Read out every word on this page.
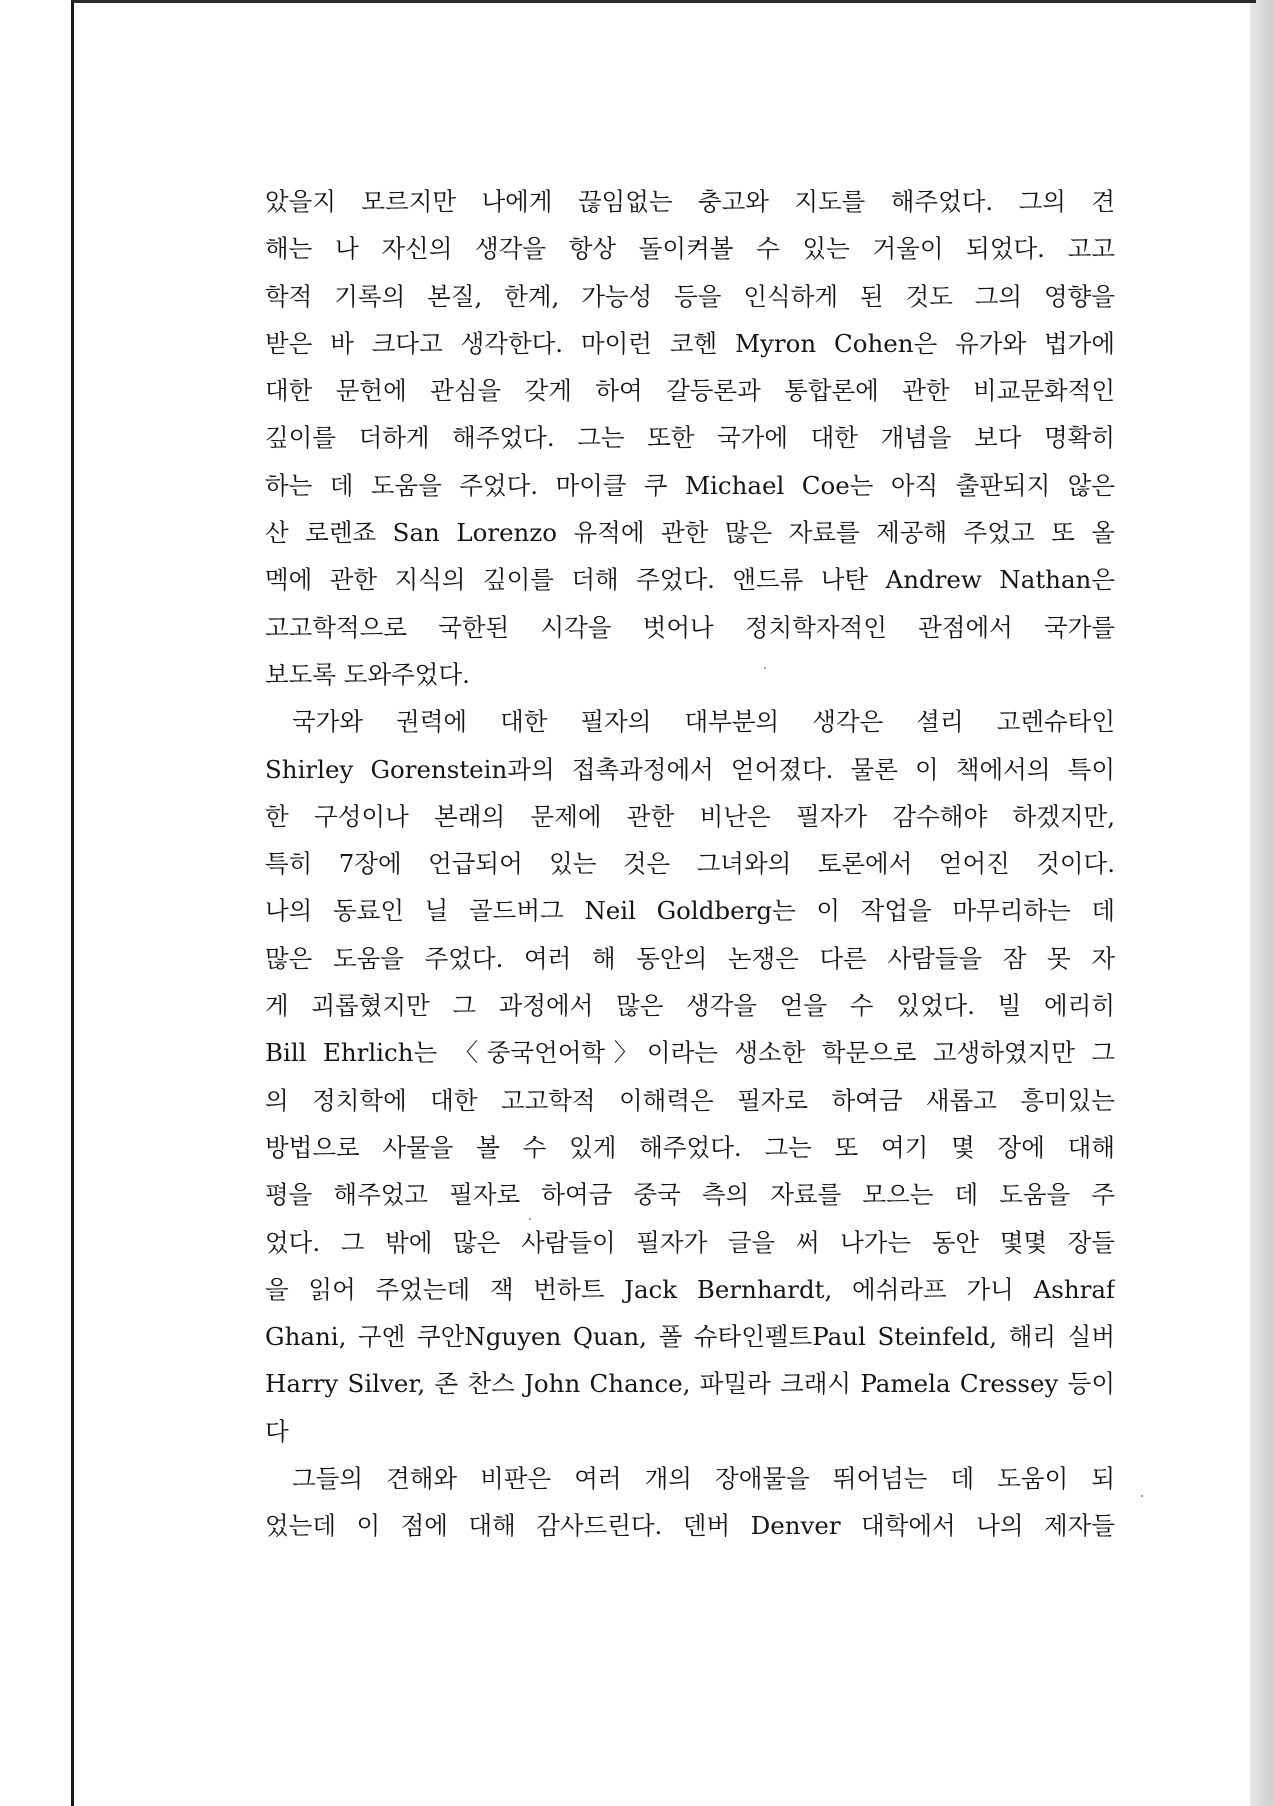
았을지 모르지만 나에게 끊임없는 충고와 지도를 해주었다. 그의 견
해는 나 자신의 생각을 항상 돌이켜볼 수 있는 거울이 되었다. 고고
학적 기록의 본질, 한계, 가능성 등을 인식하게 된 것도 그의 영향을
받은 바 크다고 생각한다. 마이런 코헨 Myron Cohen은 유가와 법가에
대한 문헌에 관심을 갖게 하여 갈등론과 통합론에 관한 비교문화적인
깊이를 더하게 해주었다. 그는 또한 국가에 대한 개념을 보다 명확히
하는 데 도움을 주었다. 마이클 쿠 Michael Coe는 아직 출판되지 않은
산 로렌죠 San Lorenzo 유적에 관한 많은 자료를 제공해 주었고 또 올
멕에 관한 지식의 깊이를 더해 주었다. 앤드류 나탄 Andrew Nathan은
고고학적으로 국한된 시각을 벗어나 정치학자적인 관점에서 국가를
보도록 도와주었다.
국가와 권력에 대한 필자의 대부분의 생각은 셜리 고렌슈타인
Shirley Gorenstein과의 접촉과정에서 얻어졌다. 물론 이 책에서의 특이
한 구성이나 본래의 문제에 관한 비난은 필자가 감수해야 하겠지만,
특히 7장에 언급되어 있는 것은 그녀와의 토론에서 얻어진 것이다.
나의 동료인 닐 골드버그 Neil Goldberg는 이 작업을 마무리하는 데
많은 도움을 주었다. 여러 해 동안의 논쟁은 다른 사람들을 잠 못 자
게 괴롭혔지만 그 과정에서 많은 생각을 얻을 수 있었다. 빌 에리히
Bill Ehrlich는 〈중국언어학〉이라는 생소한 학문으로 고생하였지만 그
의 정치학에 대한 고고학적 이해력은 필자로 하여금 새롭고 흥미있는
방법으로 사물을 볼 수 있게 해주었다. 그는 또 여기 몇 장에 대해
평을 해주었고 필자로 하여금 중국 측의 자료를 모으는 데 도움을 주
었다. 그 밖에 많은 사람들이 필자가 글을 써 나가는 동안 몇몇 장들
을 읽어 주었는데 잭 번하트 Jack Bernhardt, 에쉬라프 가니 Ashraf
Ghani, 구엔 쿠안Nguyen Quan, 폴 슈타인펠트Paul Steinfeld, 해리 실버
Harry Silver, 존 찬스 John Chance, 파밀라 크래시 Pamela Cressey 등이
다
그들의 견해와 비판은 여러 개의 장애물을 뛰어넘는 데 도움이 되
었는데 이 점에 대해 감사드린다. 덴버 Denver 대학에서 나의 제자들
